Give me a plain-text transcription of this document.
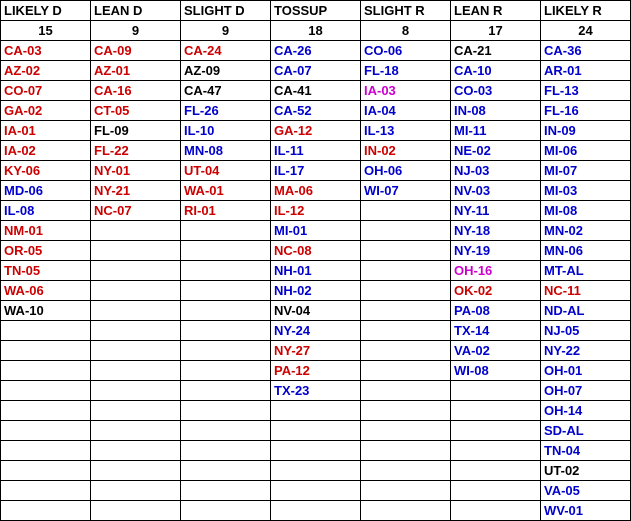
LIKELY D	LEAN D	SLIGHT D	TOSSUP	SLIGHT R	LEAN R	LIKELY R
15	9	9	18	8	17	24
CA-03	CA-09	CA-24	CA-26	CO-06	CA-21	CA-36
AZ-02	AZ-01	AZ-09	CA-07	FL-18	CA-10	AR-01
CO-07	CA-16	CA-47	CA-41	IA-03	CO-03	FL-13
GA-02	CT-05	FL-26	CA-52	IA-04	IN-08	FL-16
IA-01	FL-09	IL-10	GA-12	IL-13	MI-11	IN-09
IA-02	FL-22	MN-08	IL-11	IN-02	NE-02	MI-06
KY-06	NY-01	UT-04	IL-17	OH-06	NJ-03	MI-07
MD-06	NY-21	WA-01	MA-06	WI-07	NV-03	MI-03
IL-08	NC-07	RI-01	IL-12		NY-11	MI-08
NM-01			MI-01		NY-18	MN-02
OR-05			NC-08		NY-19	MN-06
TN-05			NH-01		OH-16	MT-AL
WA-06			NH-02		OK-02	NC-11
WA-10			NV-04		PA-08	ND-AL
			NY-24		TX-14	NJ-05
			NY-27		VA-02	NY-22
			PA-12		WI-08	OH-01
			TX-23			OH-07
						OH-14
						SD-AL
						TN-04
						UT-02
						VA-05
						WV-01
